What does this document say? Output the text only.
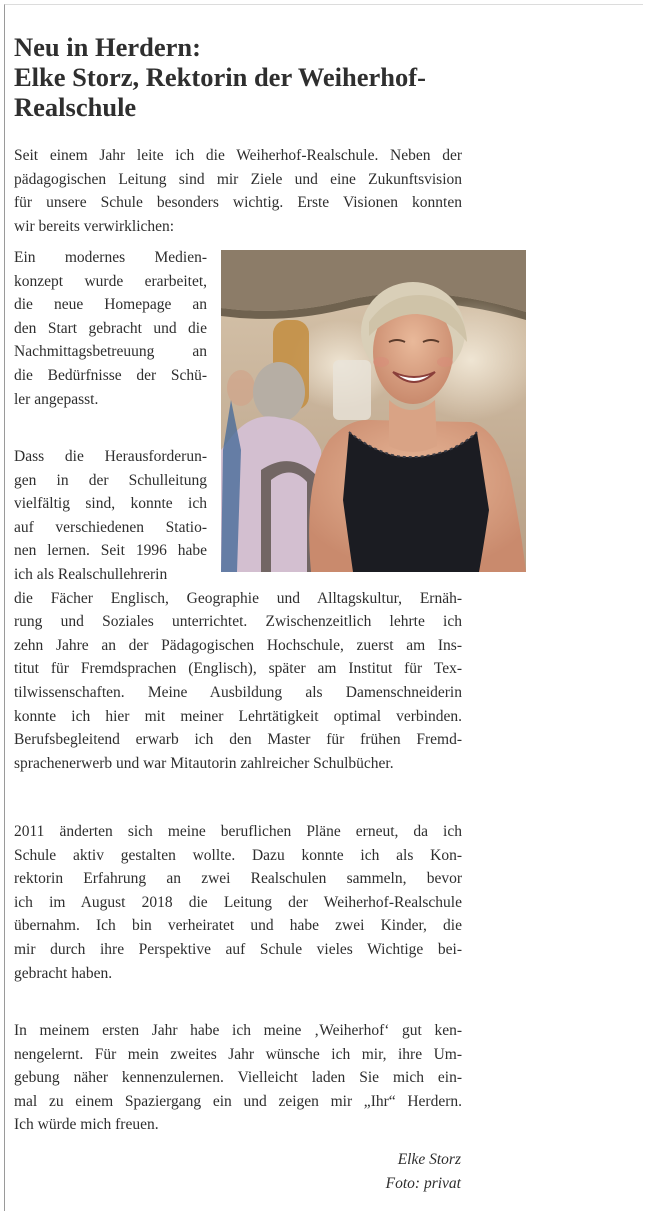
Neu in Herdern:
Elke Storz, Rektorin der Weiherhof-
Realschule

Seit einem Jahr leite ich die Weiherhof-Realschule. Neben der
pädagogischen Leitung sind mir Ziele und eine Zukunftsvision
für unsere Schule besonders wichtig. Erste Visionen konnten
wir bereits verwirklichen:

Ein modernes Medien-
konzept wurde erarbeitet,
die neue Homepage an
den Start gebracht und die
Nachmittagsbetreuung an
die Bedürfnisse der Schü-
ler angepasst.

Dass die Herausforderun-
gen in der Schulleitung
vielfältig sind, konnte ich
auf verschiedenen Statio-
nen lernen. Seit 1996 habe
ich als Realschullehrerin
die Fächer Englisch, Geographie und Alltagskultur, Ernäh-
rung und Soziales unterrichtet. Zwischenzeitlich lehrte ich
zehn Jahre an der Pädagogischen Hochschule, zuerst am Ins-
titut für Fremdsprachen (Englisch), später am Institut für Tex-
tilwissenschaften. Meine Ausbildung als Damenschneiderin
konnte ich hier mit meiner Lehrtätigkeit optimal verbinden.
Berufsbegleitend erwarb ich den Master für frühen Fremd-
sprachenerwerb und war Mitautorin zahlreicher Schulbücher.

2011 änderten sich meine beruflichen Pläne erneut, da ich
Schule aktiv gestalten wollte. Dazu konnte ich als Kon-
rektorin Erfahrung an zwei Realschulen sammeln, bevor
ich im August 2018 die Leitung der Weiherhof-Realschule
übernahm. Ich bin verheiratet und habe zwei Kinder, die
mir durch ihre Perspektive auf Schule vieles Wichtige bei-
gebracht haben.

In meinem ersten Jahr habe ich meine ‚Weiherhof‘ gut ken-
nengelernt. Für mein zweites Jahr wünsche ich mir, ihre Um-
gebung näher kennenzulernen. Vielleicht laden Sie mich ein-
mal zu einem Spaziergang ein und zeigen mir „Ihr“ Herdern.
Ich würde mich freuen.

Elke Storz
Foto: privat
